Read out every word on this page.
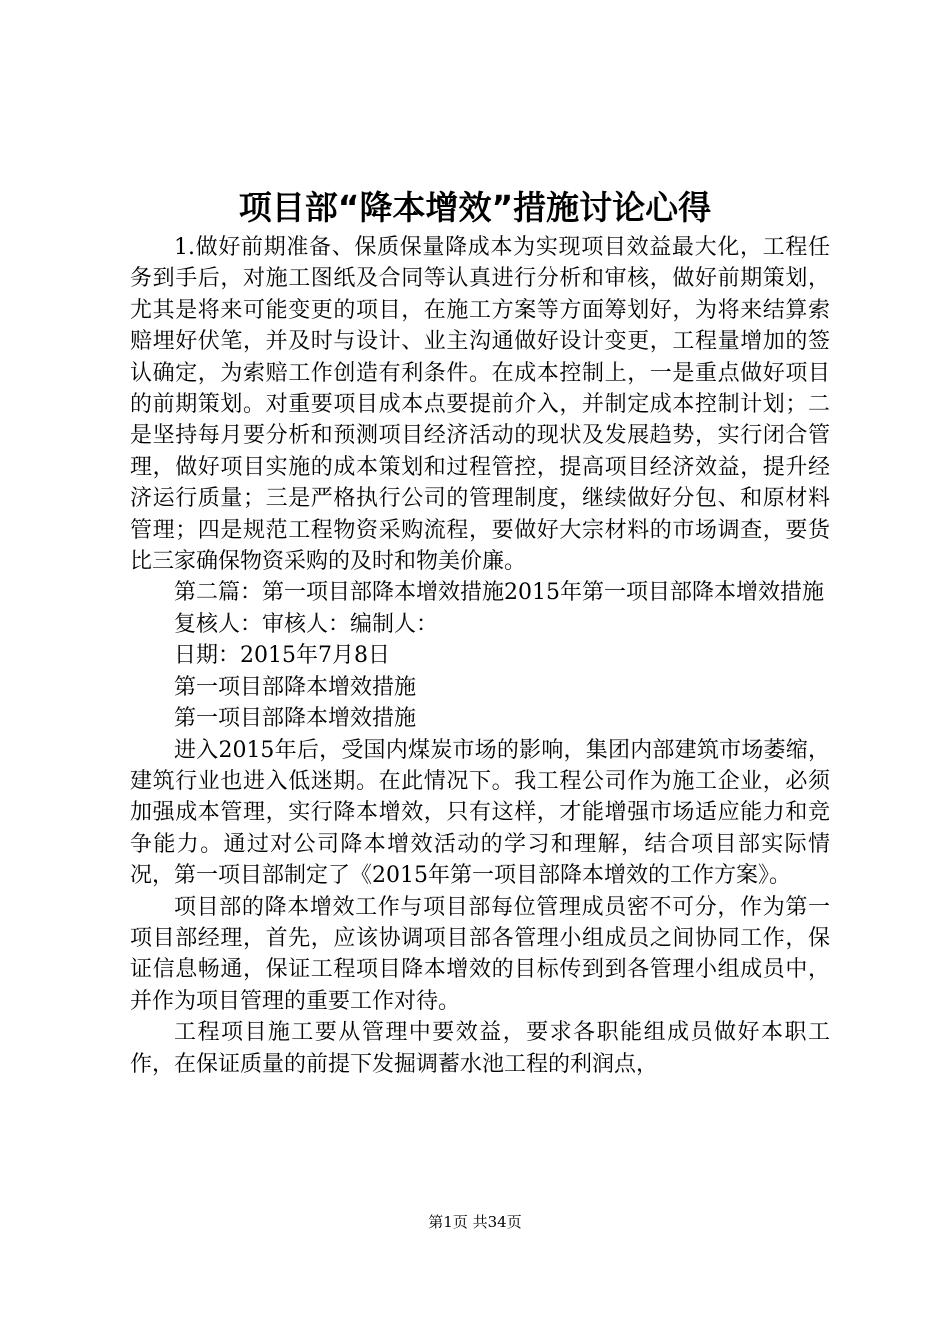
项目部“降本增效”措施讨论心得

1.做好前期准备、保质保量降成本为实现项目效益最大化，工程任务到手后，对施工图纸及合同等认真进行分析和审核，做好前期策划，尤其是将来可能变更的项目，在施工方案等方面筹划好，为将来结算索赔埋好伏笔，并及时与设计、业主沟通做好设计变更，工程量增加的签认确定，为索赔工作创造有利条件。在成本控制上，一是重点做好项目的前期策划。对重要项目成本点要提前介入，并制定成本控制计划；二是坚持每月要分析和预测项目经济活动的现状及发展趋势，实行闭合管理，做好项目实施的成本策划和过程管控，提高项目经济效益，提升经济运行质量；三是严格执行公司的管理制度，继续做好分包、和原材料管理；四是规范工程物资采购流程，要做好大宗材料的市场调查，要货比三家确保物资采购的及时和物美价廉。

第二篇：第一项目部降本增效措施2015年第一项目部降本增效措施

复核人：审核人：编制人：

日期：2015年7月8日

第一项目部降本增效措施

第一项目部降本增效措施

进入2015年后，受国内煤炭市场的影响，集团内部建筑市场萎缩，建筑行业也进入低迷期。在此情况下。我工程公司作为施工企业，必须加强成本管理，实行降本增效，只有这样，才能增强市场适应能力和竞争能力。通过对公司降本增效活动的学习和理解，结合项目部实际情况，第一项目部制定了《2015年第一项目部降本增效的工作方案》。

项目部的降本增效工作与项目部每位管理成员密不可分，作为第一项目部经理，首先，应该协调项目部各管理小组成员之间协同工作，保证信息畅通，保证工程项目降本增效的目标传到到各管理小组成员中，并作为项目管理的重要工作对待。

工程项目施工要从管理中要效益，要求各职能组成员做好本职工作，在保证质量的前提下发掘调蓄水池工程的利润点，

第1页 共34页
